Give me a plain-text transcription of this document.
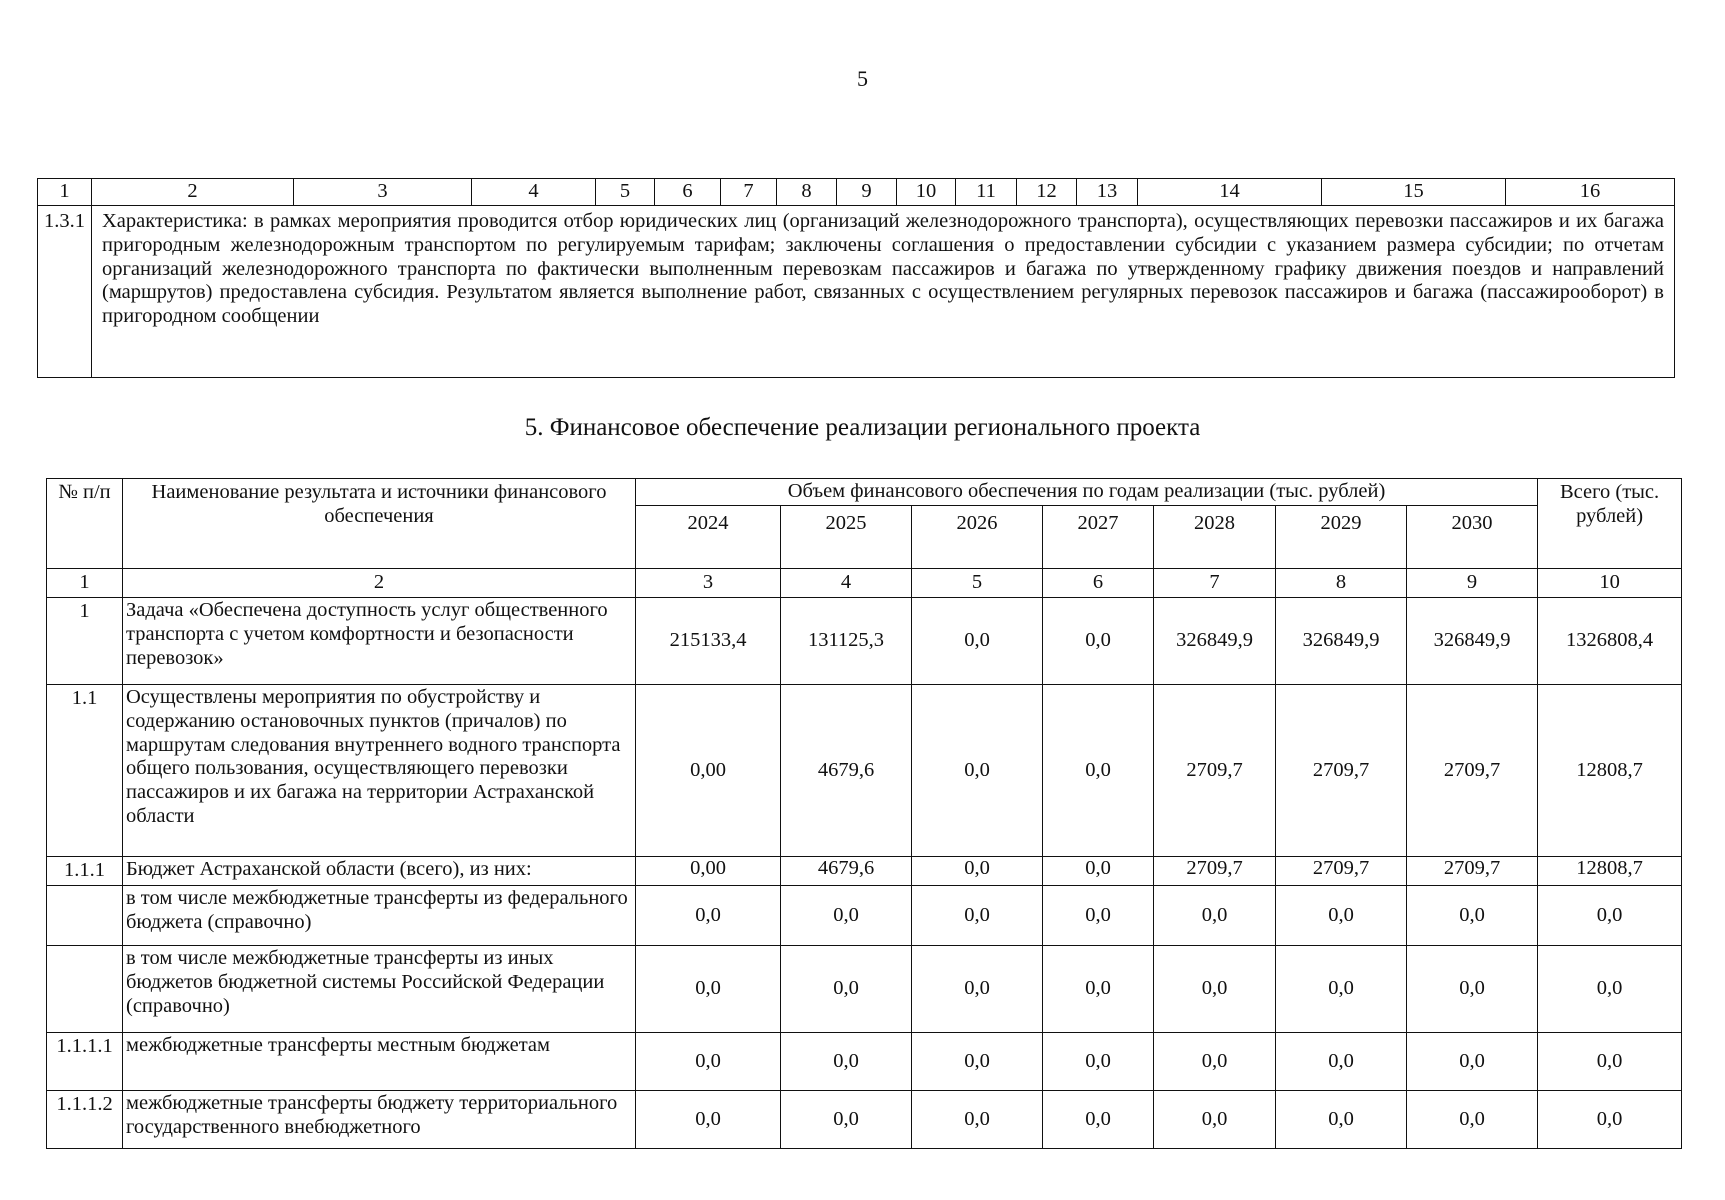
5
1	2	3	4	5	6	7	8	9	10	11	12	13	14	15	16
1.3.1	Характеристика: в рамках мероприятия проводится отбор юридических лиц (организаций железнодорожного транспорта), осуществляющих перевозки пассажиров и их багажа пригородным железнодорожным транспортом по регулируемым тарифам; заключены соглашения о предоставлении субсидии с указанием размера субсидии; по отчетам организаций железнодорожного транспорта по фактически выполненным перевозкам пассажиров и багажа по утвержденному графику движения поездов и направлений (маршрутов) предоставлена субсидия. Результатом является выполнение работ, связанных с осуществлением регулярных перевозок пассажиров и багажа (пассажирооборот) в пригородном сообщении														
5. Финансовое обеспечение реализации регионального проекта
№ п/п	Наименование результата и источники финансового обеспечения	Объем финансового обеспечения по годам реализации (тыс. рублей)							Всего (тыс. рублей)
		2024	2025	2026	2027	2028	2029	2030	
1	2	3	4	5	6	7	8	9	10
1	Задача «Обеспечена доступность услуг общественного транспорта с учетом комфортности и безопасности перевозок»	215133,4	131125,3	0,0	0,0	326849,9	326849,9	326849,9	1326808,4
1.1	Осуществлены мероприятия по обустройству и содержанию остановочных пунктов (причалов) по маршрутам следования внутреннего водного транспорта общего пользования, осуществляющего перевозки пассажиров и их багажа на территории Астраханской области	0,00	4679,6	0,0	0,0	2709,7	2709,7	2709,7	12808,7
1.1.1	Бюджет Астраханской области (всего), из них:	0,00	4679,6	0,0	0,0	2709,7	2709,7	2709,7	12808,7
	в том числе межбюджетные трансферты из федерального бюджета (справочно)	0,0	0,0	0,0	0,0	0,0	0,0	0,0	0,0
	в том числе межбюджетные трансферты из иных бюджетов бюджетной системы Российской Федерации (справочно)	0,0	0,0	0,0	0,0	0,0	0,0	0,0	0,0
1.1.1.1	межбюджетные трансферты местным бюджетам	0,0	0,0	0,0	0,0	0,0	0,0	0,0	0,0
1.1.1.2	межбюджетные трансферты бюджету территориального государственного внебюджетного	0,0	0,0	0,0	0,0	0,0	0,0	0,0	0,0
